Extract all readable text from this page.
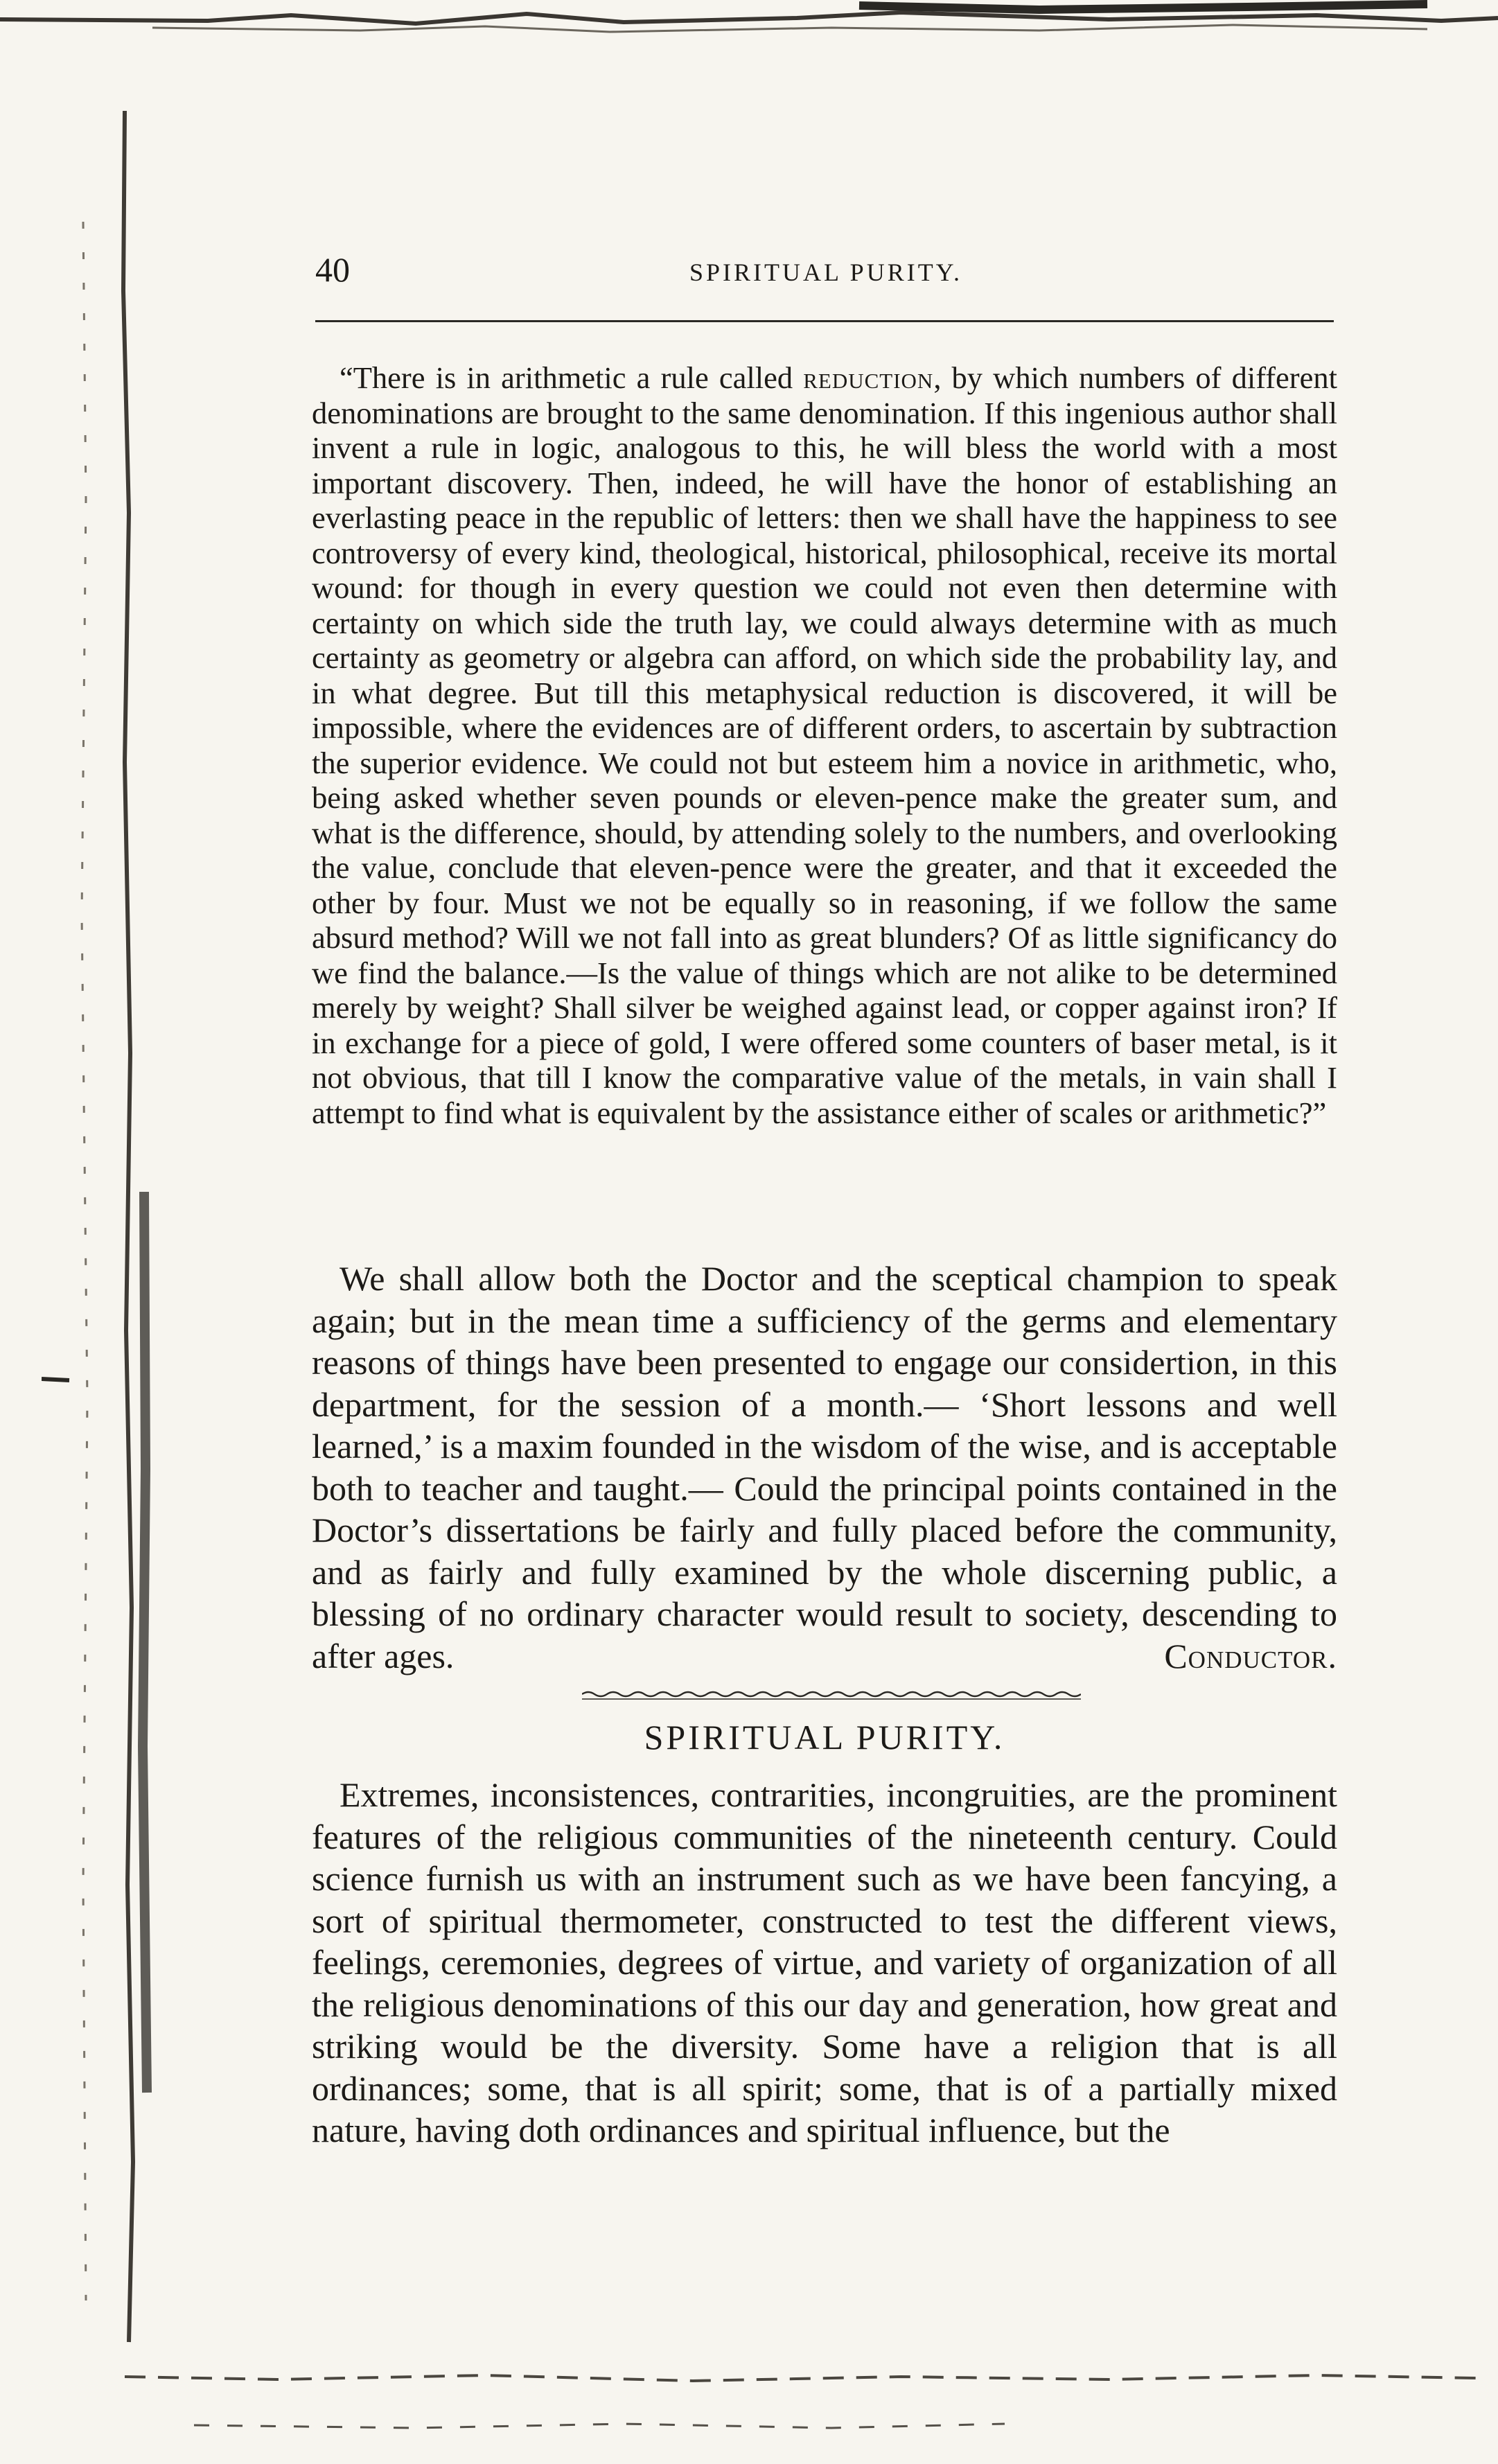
40	SPIRITUAL PURITY.
“There is in arithmetic a rule called reduction, by which numbers of different denominations are brought to the same denomination. If this ingenious author shall invent a rule in logic, analogous to this, he will bless the world with a most important discovery. Then, indeed, he will have the honor of establishing an everlasting peace in the republic of letters: then we shall have the happiness to see controversy of every kind, theological, historical, philosophical, receive its mortal wound: for though in every question we could not even then determine with certainty on which side the truth lay, we could always determine with as much certainty as geometry or algebra can afford, on which side the probability lay, and in what degree. But till this metaphysical reduction is discovered, it will be impossible, where the evidences are of different orders, to ascertain by subtraction the superior evidence. We could not but esteem him a novice in arithmetic, who, being asked whether seven pounds or eleven-pence make the greater sum, and what is the difference, should, by attending solely to the numbers, and overlooking the value, conclude that eleven-pence were the greater, and that it exceeded the other by four. Must we not be equally so in reasoning, if we follow the same absurd method? Will we not fall into as great blunders? Of as little significancy do we find the balance.—Is the value of things which are not alike to be determined merely by weight? Shall silver be weighed against lead, or copper against iron? If in exchange for a piece of gold, I were offered some counters of baser metal, is it not obvious, that till I know the comparative value of the metals, in vain shall I attempt to find what is equivalent by the assistance either of scales or arithmetic?”
We shall allow both the Doctor and the sceptical champion to speak again; but in the mean time a sufficiency of the germs and elementary reasons of things have been presented to engage our considertion, in this department, for the session of a month.— ‘Short lessons and well learned,’ is a maxim founded in the wisdom of the wise, and is acceptable both to teacher and taught.— Could the principal points contained in the Doctor’s dissertations be fairly and fully placed before the community, and as fairly and fully examined by the whole discerning public, a blessing of no ordinary character would result to society, descending to after ages.	Conductor.
SPIRITUAL PURITY.
Extremes, inconsistences, contrarities, incongruities, are the prominent features of the religious communities of the nineteenth century. Could science furnish us with an instrument such as we have been fancying, a sort of spiritual thermometer, constructed to test the different views, feelings, ceremonies, degrees of virtue, and variety of organization of all the religious denominations of this our day and generation, how great and striking would be the diversity. Some have a religion that is all ordinances; some, that is all spirit; some, that is of a partially mixed nature, having doth ordinances and spiritual influence, but the
